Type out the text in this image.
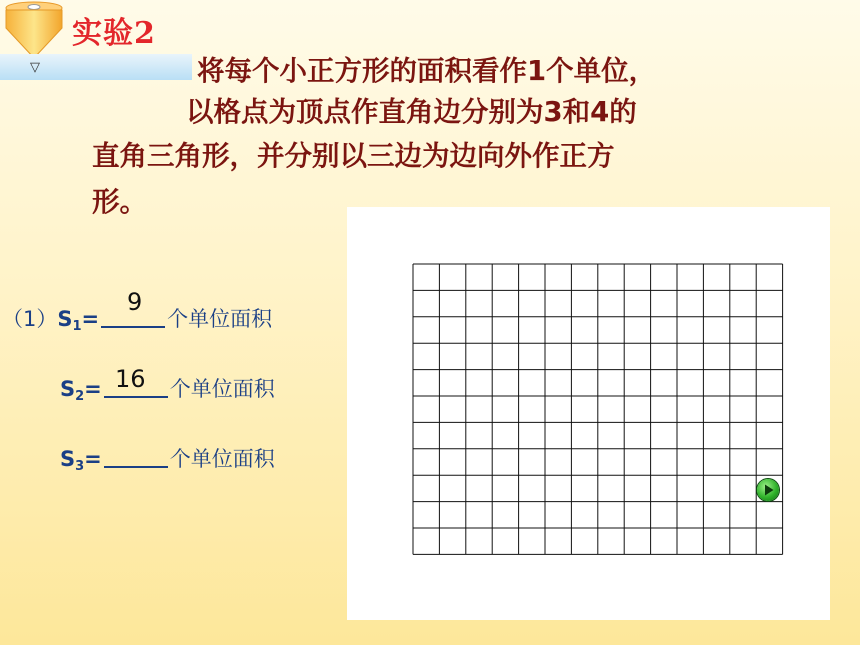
实验2
▽	将每个小正方形的面积看作1个单位，
以格点为顶点作直角边分别为3和4的
直角三角形，并分别以三边为边向外作正方
形。
$(1)S_1=$	个单位面积
9
$S_2=$	个单位面积
16
$S_3=$	个单位面积
